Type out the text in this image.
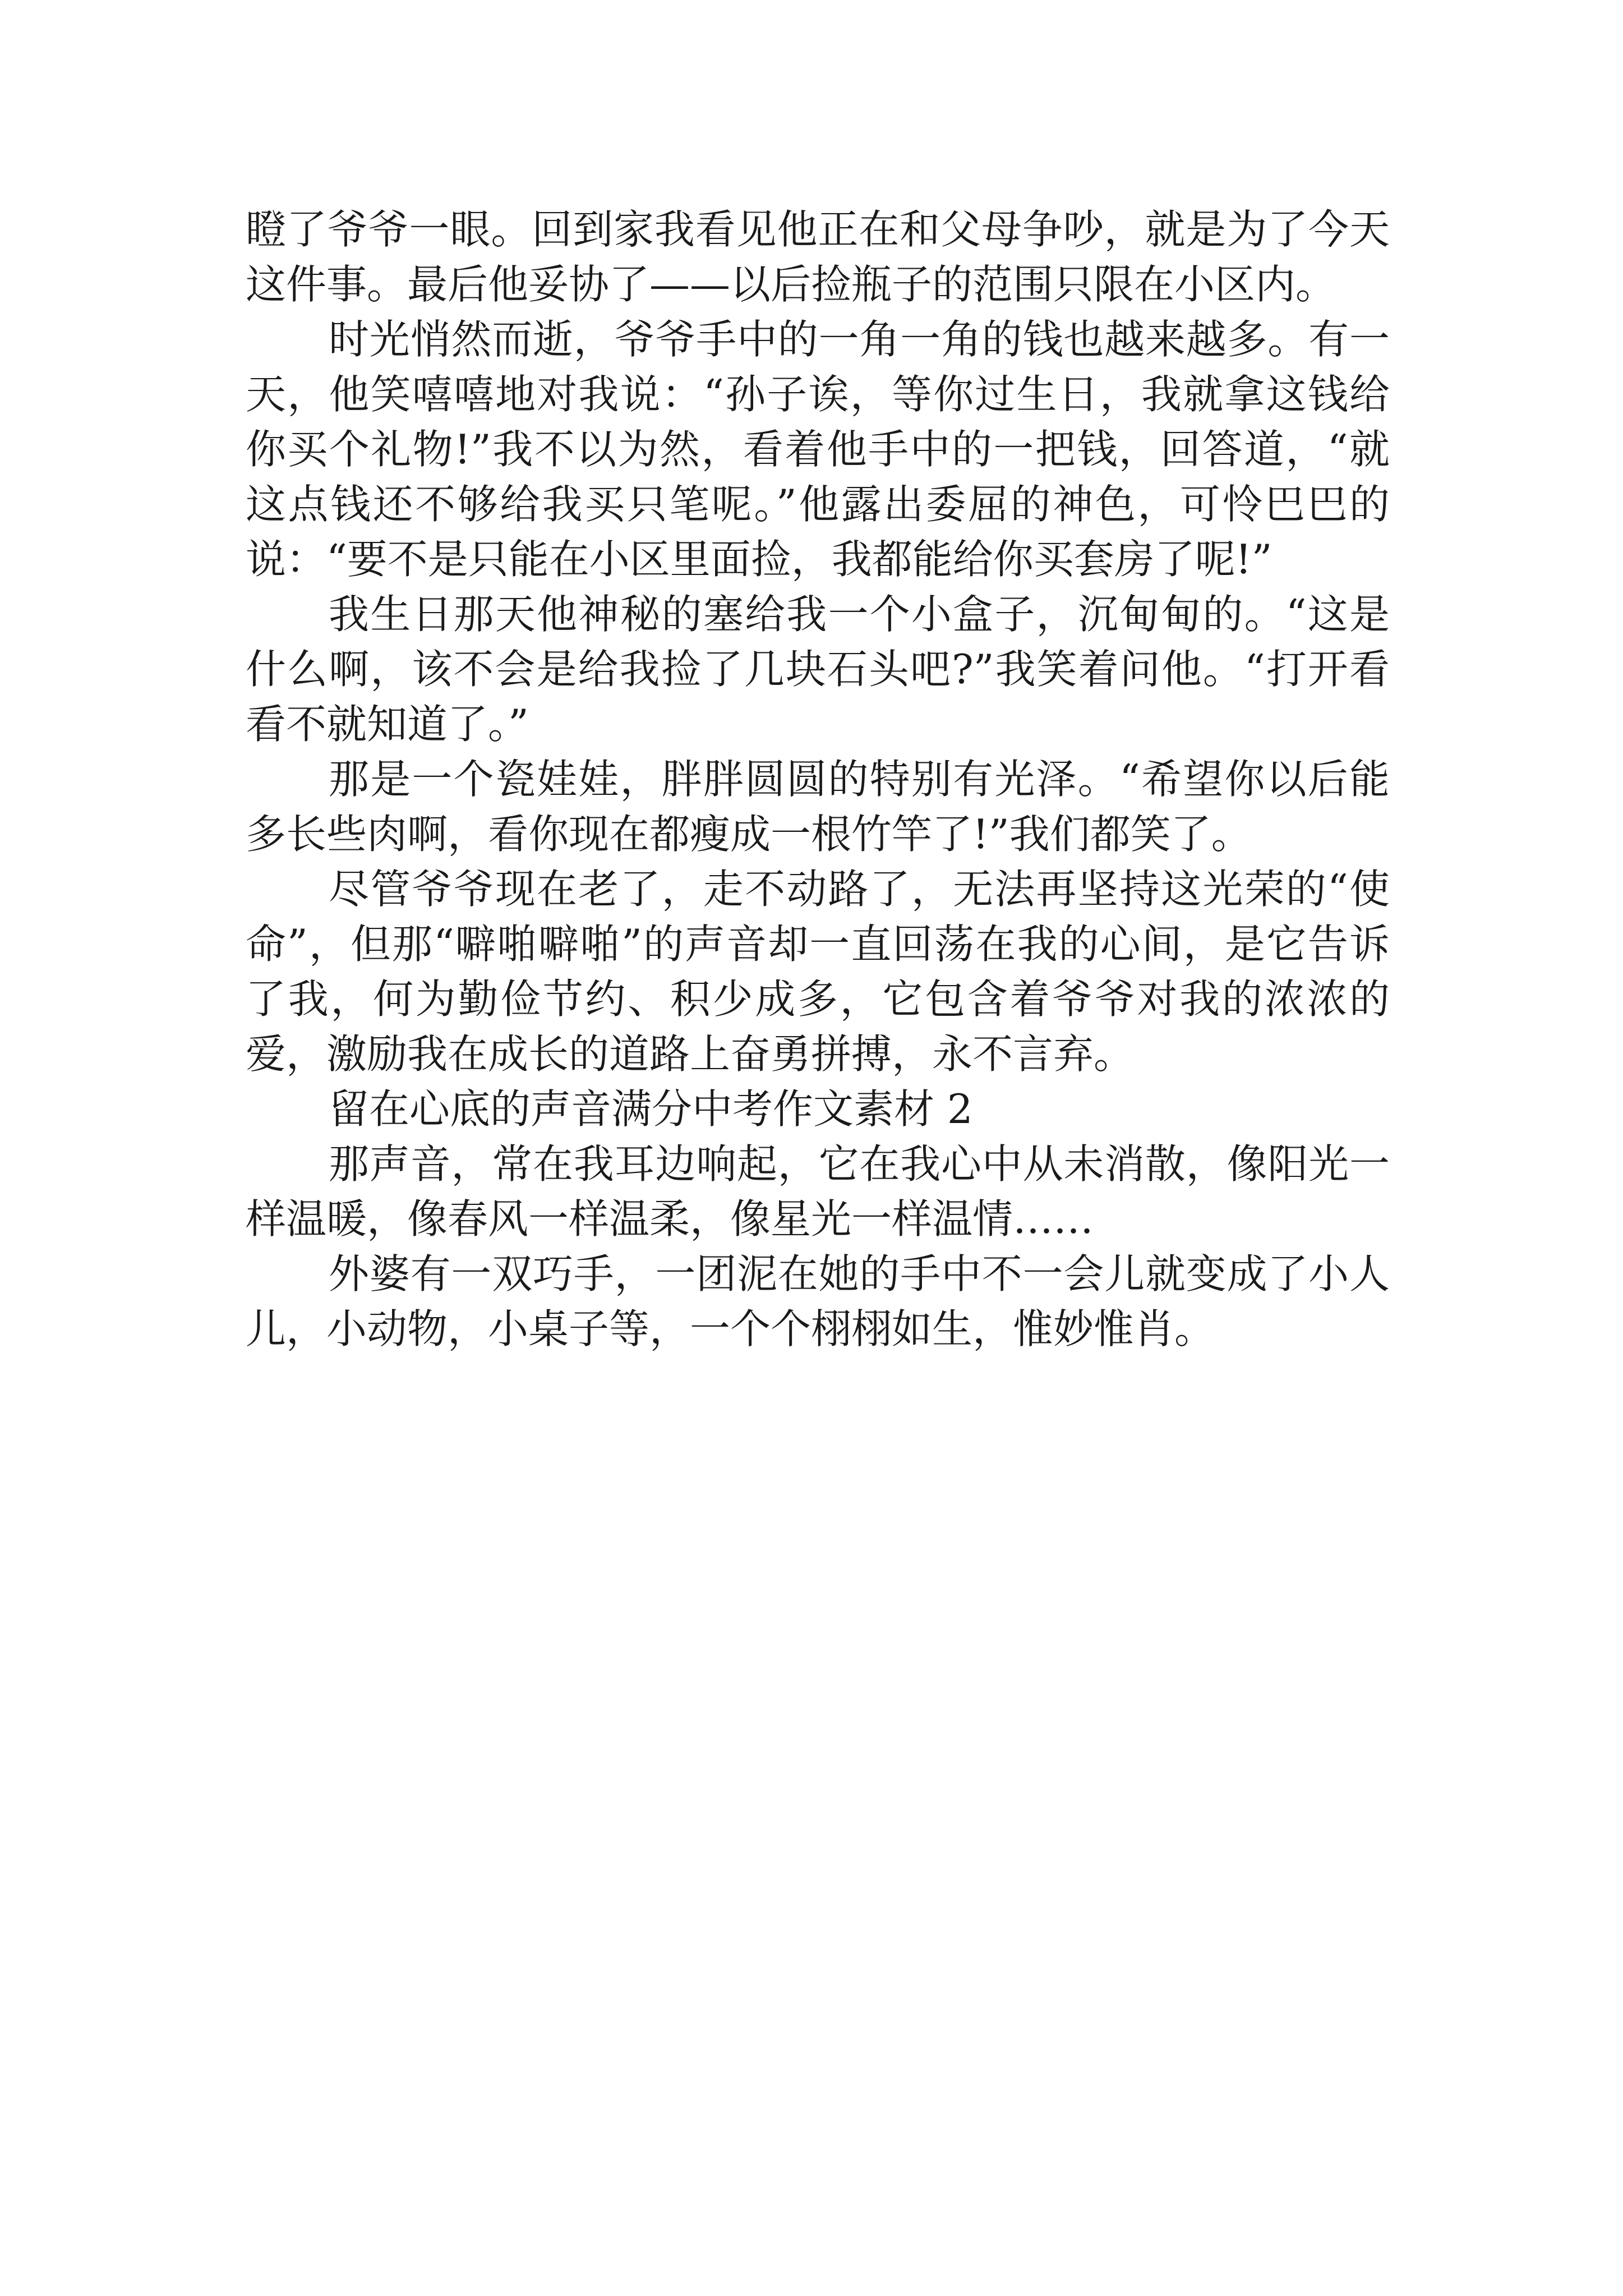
瞪了爷爷一眼。回到家我看见他正在和父母争吵，就是为了今天这件事。最后他妥协了——以后捡瓶子的范围只限在小区内。

时光悄然而逝，爷爷手中的一角一角的钱也越来越多。有一天，他笑嘻嘻地对我说：“孙子诶，等你过生日，我就拿这钱给你买个礼物!”我不以为然，看着他手中的一把钱，回答道，“就这点钱还不够给我买只笔呢。”他露出委屈的神色，可怜巴巴的说：“要不是只能在小区里面捡，我都能给你买套房了呢!”

我生日那天他神秘的塞给我一个小盒子，沉甸甸的。“这是什么啊，该不会是给我捡了几块石头吧?”我笑着问他。“打开看看不就知道了。”

那是一个瓷娃娃，胖胖圆圆的特别有光泽。“希望你以后能多长些肉啊，看你现在都瘦成一根竹竿了!”我们都笑了。

尽管爷爷现在老了，走不动路了，无法再坚持这光荣的“使命”，但那“噼啪噼啪”的声音却一直回荡在我的心间，是它告诉了我，何为勤俭节约、积少成多，它包含着爷爷对我的浓浓的爱，激励我在成长的道路上奋勇拼搏，永不言弃。

留在心底的声音满分中考作文素材 2

那声音，常在我耳边响起，它在我心中从未消散，像阳光一样温暖，像春风一样温柔，像星光一样温情……

外婆有一双巧手，一团泥在她的手中不一会儿就变成了小人儿，小动物，小桌子等，一个个栩栩如生，惟妙惟肖。
